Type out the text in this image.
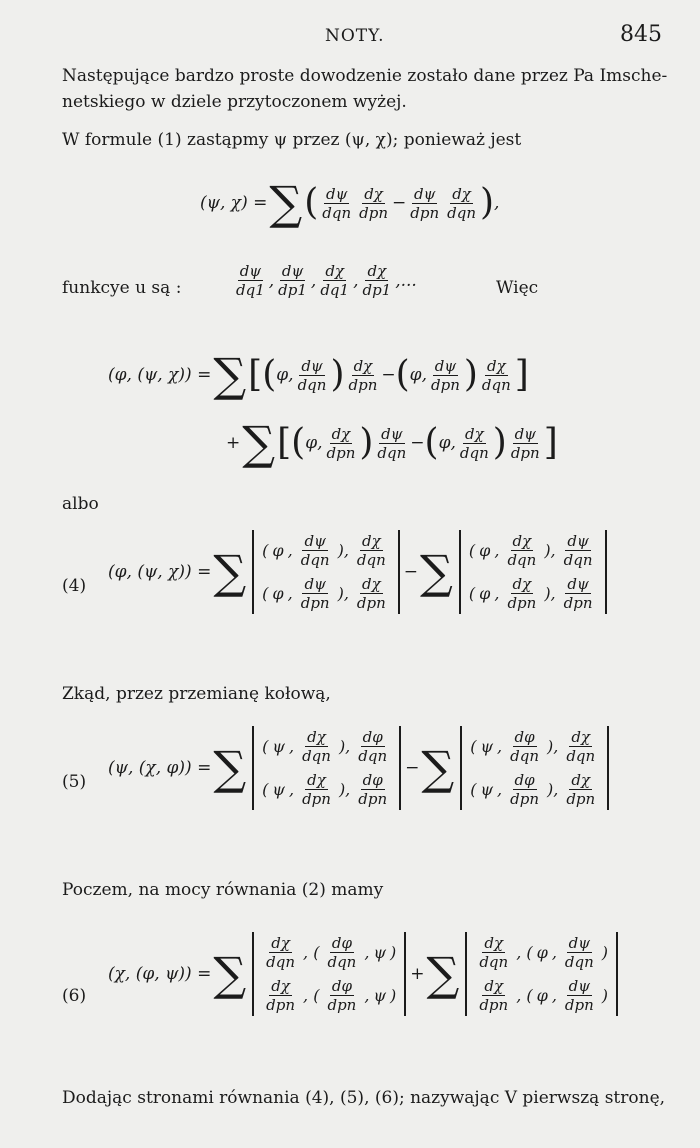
NOTY.	845
Następujące bardzo proste dowodzenie zostało dane przez Pa Imsche-
netskiego w dziele przytoczonem wyżej.
W formule (1) zastąpmy ψ przez (ψ, χ); ponieważ jest
(ψ, χ) = ∑ ( $\frac{d\psi}{\text{dqn}} \frac{d\chi}{\text{dpn}} - \frac{d\psi}{\text{dpn}} \frac{d\chi}{\text{dqn}}$ ) ,
funkcye u są :	$\frac{d\psi}{dq1}$ , $\frac{d\psi}{dp1}$ , $\frac{d\chi}{dq1}$ , $\frac{d\chi}{dp1}$ , ...	Więc
(φ, (ψ, χ)) = ∑ [ ( φ , $\frac{d\psi}{\text{dqn}}$ ) $\frac{d\chi}{\text{dpn}}$ − ( φ , $\frac{d\psi}{\text{dpn}}$ ) $\frac{d\chi}{\text{dqn}}$ ]
+ ∑ [ ( φ , $\frac{d\chi}{\text{dpn}}$ ) $\frac{d\psi}{\text{dqn}}$ − ( φ , $\frac{d\chi}{\text{dqn}}$ ) $\frac{d\psi}{\text{dpn}}$ ]
albo
(4)
(φ, (ψ, χ)) = ∑ ( φ , $\frac{d\psi}{\text{dqn}}$ ), $\frac{d\chi}{\text{dqn}}$
( φ , $\frac{d\psi}{\text{dpn}}$ ), $\frac{d\chi}{\text{dpn}}$
− ∑ ( φ , $\frac{d\chi}{\text{dqn}}$ ), $\frac{d\psi}{\text{dqn}}$
( φ , $\frac{d\chi}{\text{dpn}}$ ), $\frac{d\psi}{\text{dpn}}$
Zkąd, przez przemianę kołową,
(5)
(ψ, (χ, φ)) = ∑ ( ψ , $\frac{d\chi}{\text{dqn}}$ ), $\frac{d\varphi}{\text{dqn}}$
( ψ , $\frac{d\chi}{\text{dpn}}$ ), $\frac{d\varphi}{\text{dpn}}$
− ∑ ( ψ , $\frac{d\varphi}{\text{dqn}}$ ), $\frac{d\chi}{\text{dqn}}$
( ψ , $\frac{d\varphi}{\text{dpn}}$ ), $\frac{d\chi}{\text{dpn}}$
Poczem, na mocy równania (2) mamy
(6)
(χ, (φ, ψ)) = ∑ $\frac{d\chi}{\text{dqn}}$ , ( $\frac{d\varphi}{\text{dqn}}$ , ψ )
$\frac{d\chi}{\text{dpn}}$ , ( $\frac{d\varphi}{\text{dpn}}$ , ψ )
+ ∑ $\frac{d\chi}{\text{dqn}}$ , ( φ , $\frac{d\psi}{\text{dqn}}$ )
$\frac{d\chi}{\text{dpn}}$ , ( φ , $\frac{d\psi}{\text{dpn}}$ )
Dodając stronami równania (4), (5), (6); nazywając V pierwszą stronę,
